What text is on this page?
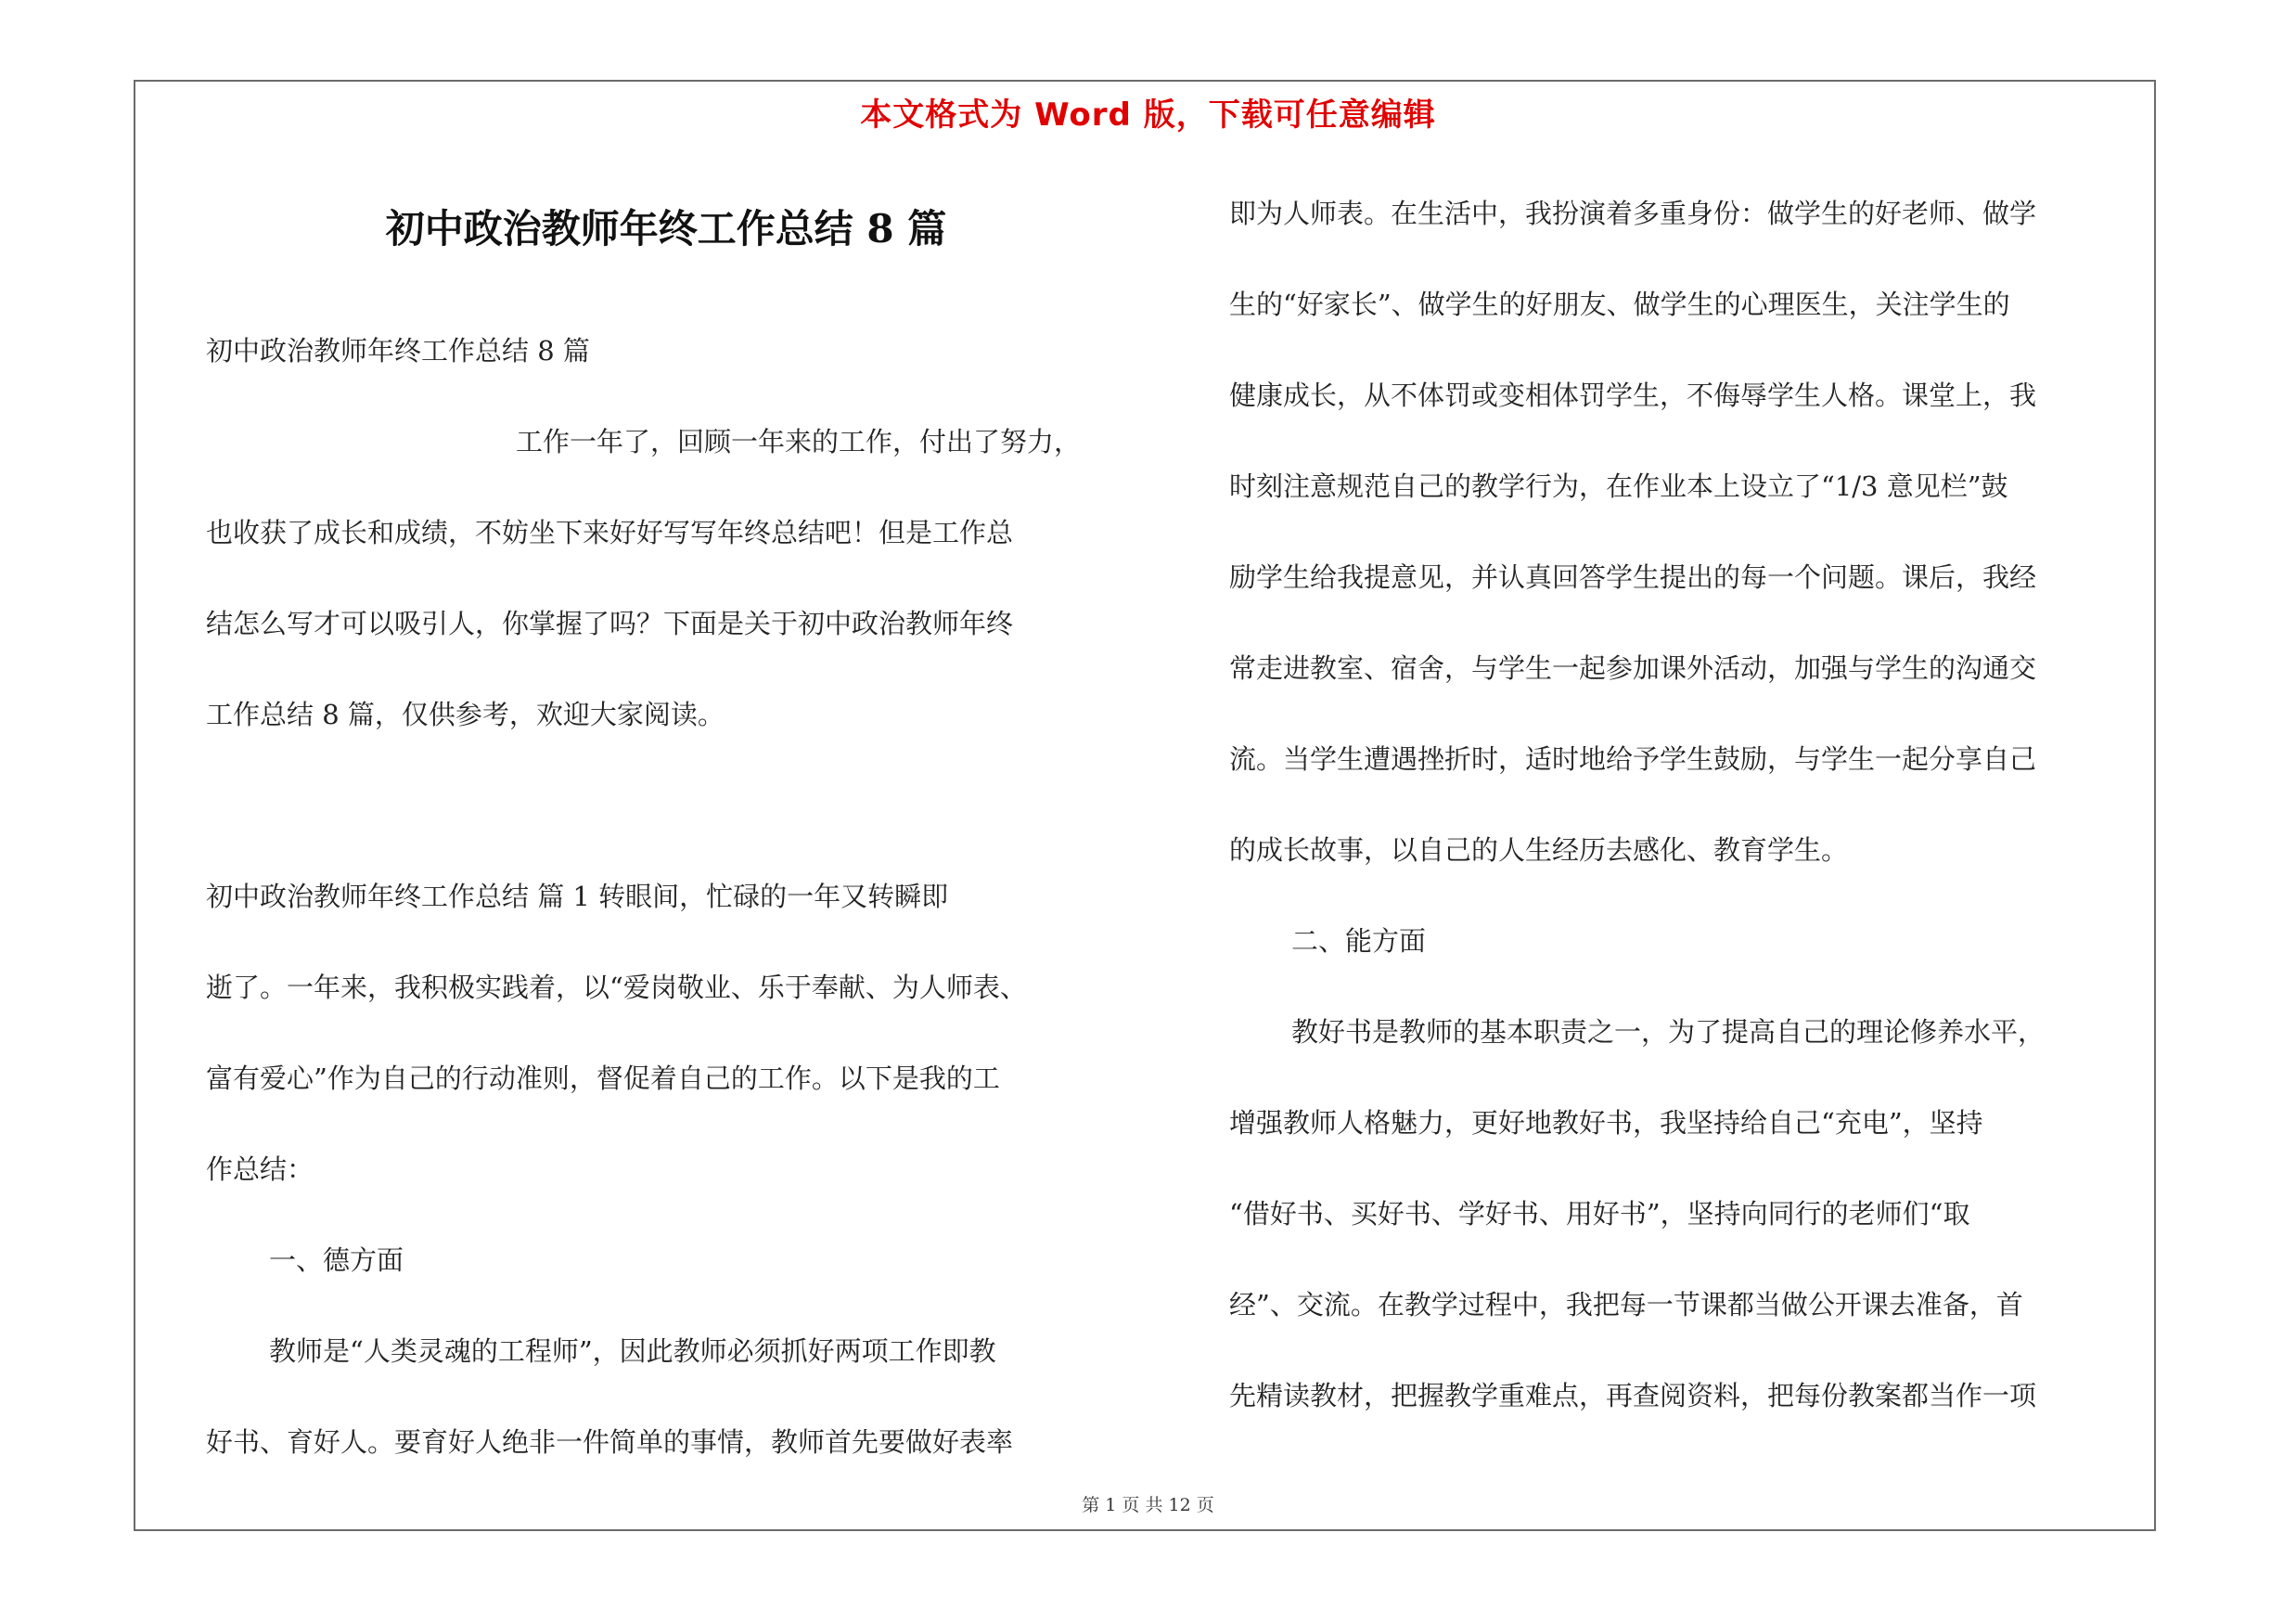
本文格式为 Word 版，下载可任意编辑
初中政治教师年终工作总结 8 篇
初中政治教师年终工作总结 8 篇
工作一年了，回顾一年来的工作，付出了努力，
也收获了成长和成绩，不妨坐下来好好写写年终总结吧！但是工作总
结怎么写才可以吸引人，你掌握了吗？下面是关于初中政治教师年终
工作总结 8 篇，仅供参考，欢迎大家阅读。
初中政治教师年终工作总结 篇 1 转眼间，忙碌的一年又转瞬即
逝了。一年来，我积极实践着，以“爱岗敬业、乐于奉献、为人师表、
富有爱心”作为自己的行动准则，督促着自己的工作。以下是我的工
作总结：
一、德方面
教师是“人类灵魂的工程师”，因此教师必须抓好两项工作即教
好书、育好人。要育好人绝非一件简单的事情，教师首先要做好表率
即为人师表。在生活中，我扮演着多重身份：做学生的好老师、做学
生的“好家长”、做学生的好朋友、做学生的心理医生，关注学生的
健康成长，从不体罚或变相体罚学生，不侮辱学生人格。课堂上，我
时刻注意规范自己的教学行为，在作业本上设立了“1/3 意见栏”鼓
励学生给我提意见，并认真回答学生提出的每一个问题。课后，我经
常走进教室、宿舍，与学生一起参加课外活动，加强与学生的沟通交
流。当学生遭遇挫折时，适时地给予学生鼓励，与学生一起分享自己
的成长故事，以自己的人生经历去感化、教育学生。
二、能方面
教好书是教师的基本职责之一，为了提高自己的理论修养水平，
增强教师人格魅力，更好地教好书，我坚持给自己“充电”，坚持
“借好书、买好书、学好书、用好书”，坚持向同行的老师们“取
经”、交流。在教学过程中，我把每一节课都当做公开课去准备，首
先精读教材，把握教学重难点，再查阅资料，把每份教案都当作一项
第 1 页 共 12 页
